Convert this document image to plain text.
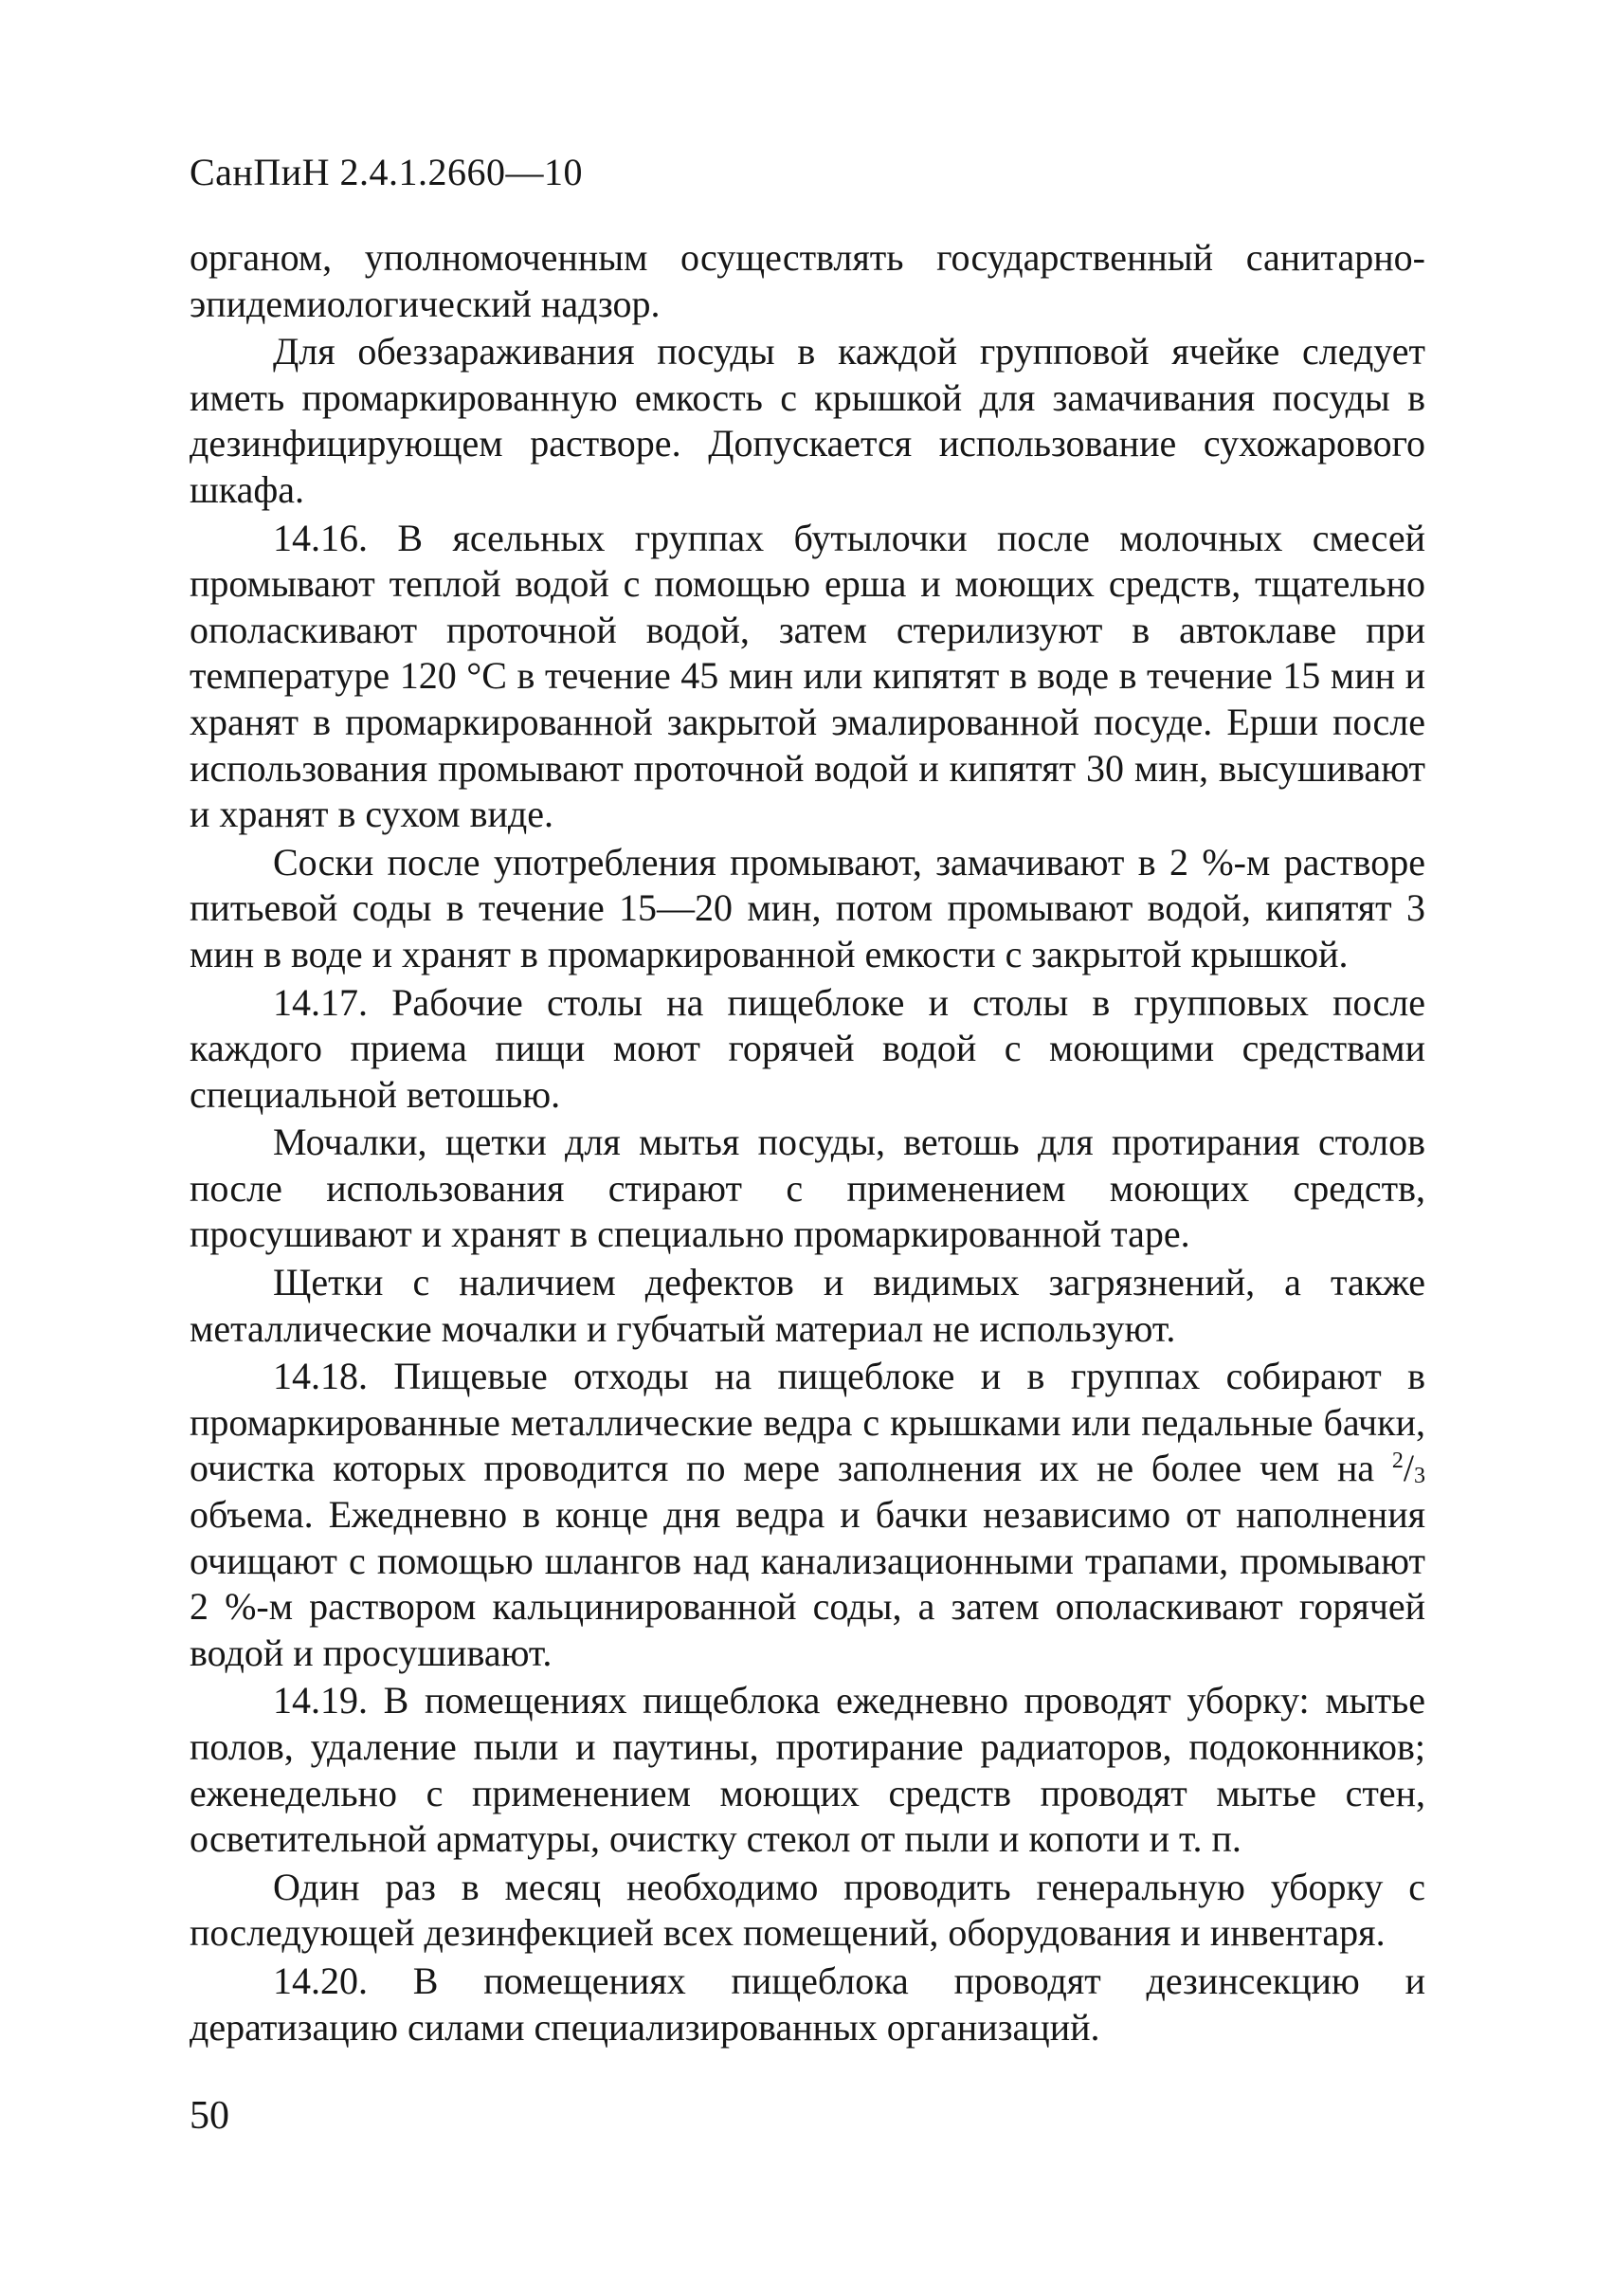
СанПиН 2.4.1.2660—10

органом, уполномоченным осуществлять государственный санитарно-эпидемиологический надзор.

Для обеззараживания посуды в каждой групповой ячейке следует иметь промаркированную емкость с крышкой для замачивания посуды в дезинфицирующем растворе. Допускается использование сухожарового шкафа.

14.16. В ясельных группах бутылочки после молочных смесей промывают теплой водой с помощью ерша и моющих средств, тщательно ополаскивают проточной водой, затем стерилизуют в автоклаве при температуре 120 °С в течение 45 мин или кипятят в воде в течение 15 мин и хранят в промаркированной закрытой эмалированной посуде. Ерши после использования промывают проточной водой и кипятят 30 мин, высушивают и хранят в сухом виде.

Соски после употребления промывают, замачивают в 2 %-м растворе питьевой соды в течение 15—20 мин, потом промывают водой, кипятят 3 мин в воде и хранят в промаркированной емкости с закрытой крышкой.

14.17. Рабочие столы на пищеблоке и столы в групповых после каждого приема пищи моют горячей водой с моющими средствами специальной ветошью.

Мочалки, щетки для мытья посуды, ветошь для протирания столов после использования стирают с применением моющих средств, просушивают и хранят в специально промаркированной таре.

Щетки с наличием дефектов и видимых загрязнений, а также металлические мочалки и губчатый материал не используют.

14.18. Пищевые отходы на пищеблоке и в группах собирают в промаркированные металлические ведра с крышками или педальные бачки, очистка которых проводится по мере заполнения их не более чем на $^2/_3$ объема. Ежедневно в конце дня ведра и бачки независимо от наполнения очищают с помощью шлангов над канализационными трапами, промывают 2 %-м раствором кальцинированной соды, а затем ополаскивают горячей водой и просушивают.

14.19. В помещениях пищеблока ежедневно проводят уборку: мытье полов, удаление пыли и паутины, протирание радиаторов, подоконников; еженедельно с применением моющих средств проводят мытье стен, осветительной арматуры, очистку стекол от пыли и копоти и т. п.

Один раз в месяц необходимо проводить генеральную уборку с последующей дезинфекцией всех помещений, оборудования и инвентаря.

14.20. В помещениях пищеблока проводят дезинсекцию и дератизацию силами специализированных организаций.

50
